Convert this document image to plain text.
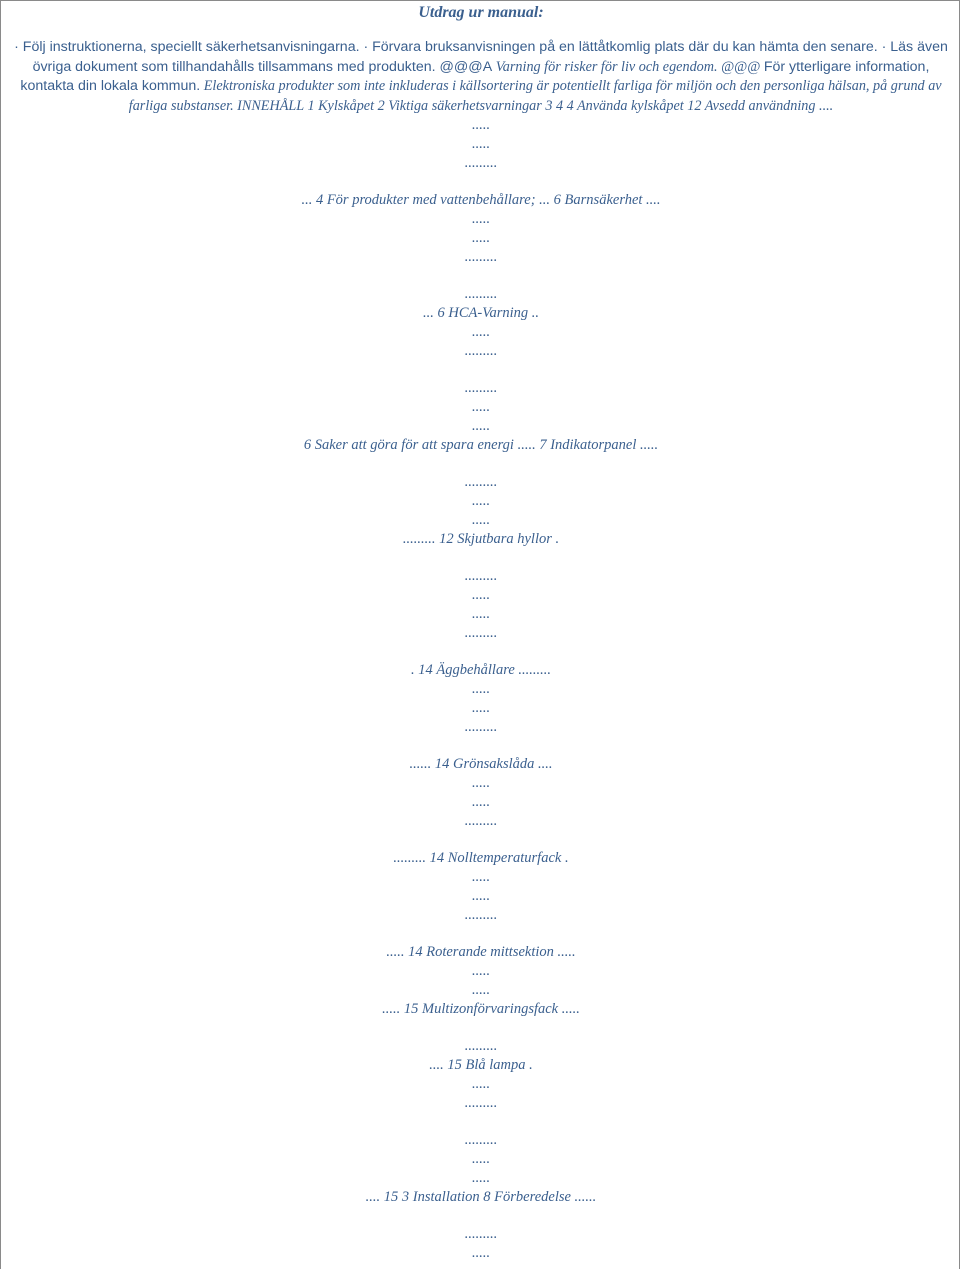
Utdrag ur manual:
· Följ instruktionerna, speciellt säkerhetsanvisningarna. · Förvara bruksanvisningen på en lättåtkomlig plats där du kan hämta den senare. · Läs även övriga dokument som tillhandahålls tillsammans med produkten. @@@A Varning för risker för liv och egendom. @@@ För ytterligare information, kontakta din lokala kommun. Elektroniska produkter som inte inkluderas i källsortering är potentiellt farliga för miljön och den personliga hälsan, på grund av farliga substanser. INNEHÅLL 1 Kylskåpet 2 Viktiga säkerhetsvarningar 3 4 4 Använda kylskåpet 12 Avsedd användning ....
.....
.....
.........
... 4 För produkter med vattenbehållare; ... 6 Barnsäkerhet ....
.....
.....
.........
.........
... 6 HCA-Varning ..
.....
.........
.........
.....
.....
6 Saker att göra för att spara energi ..... 7 Indikatorpanel .....
.........
.....
.....
......... 12 Skjutbara hyllor .
.........
.....
.....
.........
. 14 Äggbehållare .........
.....
.....
.........
...... 14 Grönsakslåda ....
.....
.....
.........
......... 14 Nolltemperaturfack .
.....
.....
.........
..... 14 Roterande mittsektion .....
.....
.....
..... 15 Multizonförvaringsfack .....
.........
.... 15 Blå lampa .
.....
.........
.........
.....
.....
.... 15 3 Installation 8 Förberedelse ......
.........
.....
